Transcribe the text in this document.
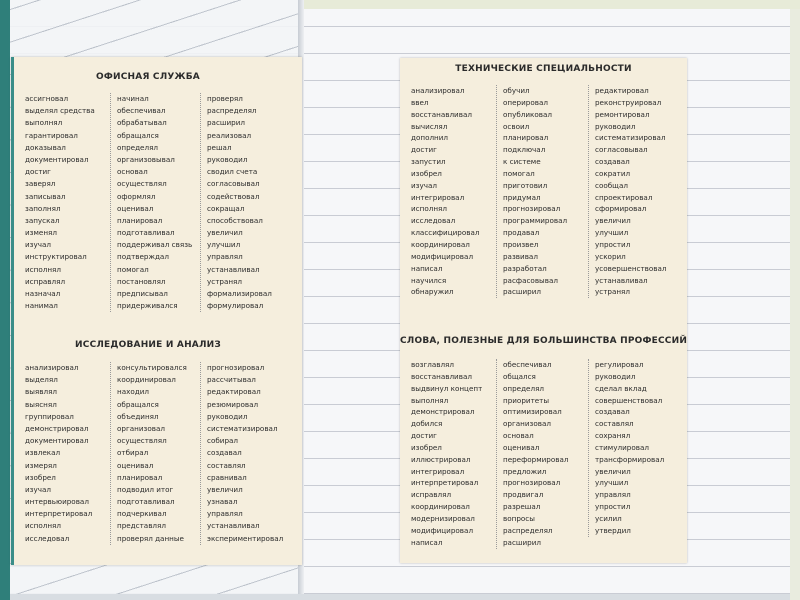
ОФИСНАЯ СЛУЖБА
ассигновал
выделял средства
выполнял
гарантировал
доказывал
документировал
достиг
заверял
записывал
заполнял
запускал
изменял
изучал
инструктировал
исполнял
исправлял
назначал
нанимал
начинал
обеспечивал
обрабатывал
обращался
определял
организовывал
основал
осуществлял
оформлял
оценивал
планировал
подготавливал
поддерживал связь
подтверждал
помогал
постановлял
предписывал
придерживался
проверял
распределял
расширил
реализовал
решал
руководил
сводил счета
согласовывал
содействовал
сокращал
способствовал
увеличил
улучшил
управлял
устанавливал
устранял
формализировал
формулировал
ИССЛЕДОВАНИЕ И АНАЛИЗ
анализировал
выделял
выявлял
выяснял
группировал
демонстрировал
документировал
извлекал
измерял
изобрел
изучал
интервьюировал
интерпретировал
исполнял
исследовал
консультировался
координировал
находил
обращался
объединял
организовал
осуществлял
отбирал
оценивал
планировал
подводил итог
подготавливал
подчеркивал
представлял
проверял данные
прогнозировал
рассчитывал
редактировал
резюмировал
руководил
систематизировал
собирал
создавал
составлял
сравнивал
увеличил
узнавал
управлял
устанавливал
экспериментировал
ТЕХНИЧЕСКИЕ СПЕЦИАЛЬНОСТИ
анализировал
ввел
восстанавливал
вычислял
дополнил
достиг
запустил
изобрел
изучал
интегрировал
исполнял
исследовал
классифицировал
координировал
модифицировал
написал
научился
обнаружил
обучил
оперировал
опубликовал
освоил
планировал
подключал
к системе
помогал
приготовил
придумал
прогнозировал
программировал
продавал
произвел
развивал
разработал
расфасовывал
расширил
редактировал
реконструировал
ремонтировал
руководил
систематизировал
согласовывал
создавал
сократил
сообщал
спроектировал
сформировал
увеличил
улучшил
упростил
ускорил
усовершенствовал
устанавливал
устранял
СЛОВА, ПОЛЕЗНЫЕ ДЛЯ БОЛЬШИНСТВА ПРОФЕССИЙ
возглавлял
восстанавливал
выдвинул концепт
выполнял
демонстрировал
добился
достиг
изобрел
иллюстрировал
интегрировал
интерпретировал
исправлял
координировал
модернизировал
модифицировал
написал
обеспечивал
общался
определял
приоритеты
оптимизировал
организовал
основал
оценивал
переформировал
предложил
прогнозировал
продвигал
разрешал
вопросы
распределял
расширил
регулировал
руководил
сделал вклад
совершенствовал
создавал
составлял
сохранял
стимулировал
трансформировал
увеличил
улучшил
управлял
упростил
усилил
утвердил
